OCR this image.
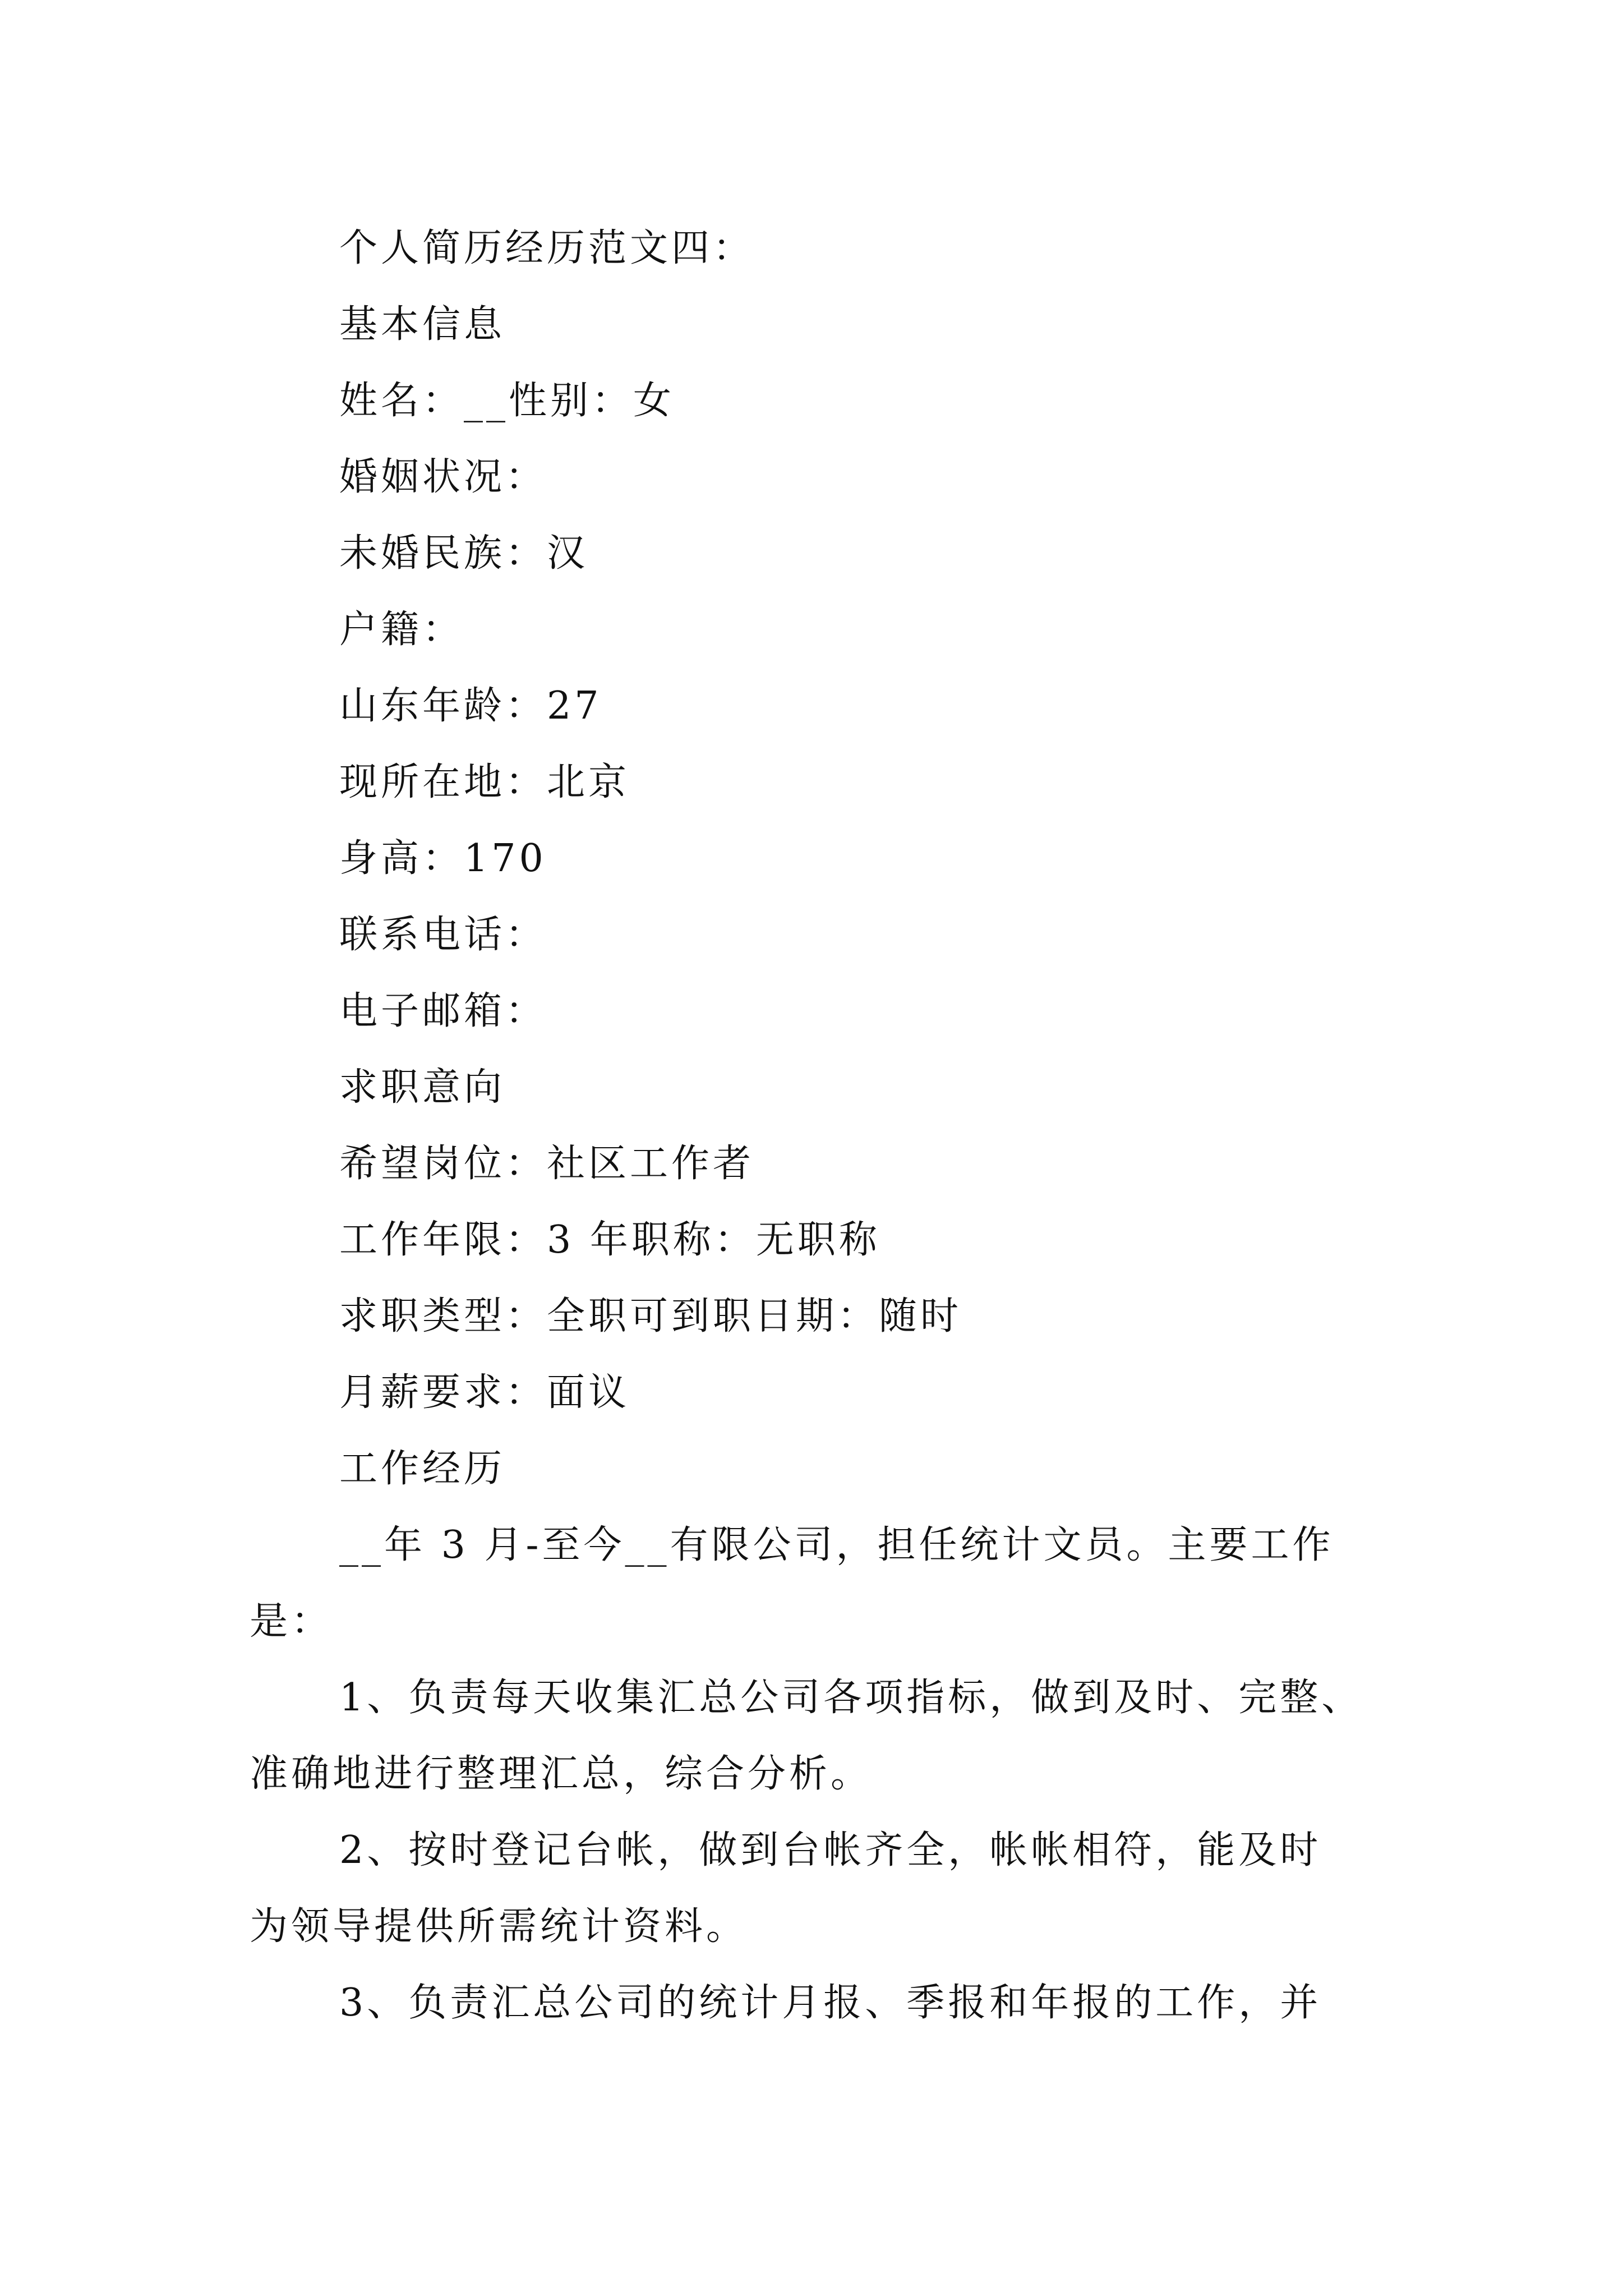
个人简历经历范文四：
基本信息
姓名：__性别：女
婚姻状况：
未婚民族：汉
户籍：
山东年龄：27
现所在地：北京
身高：170
联系电话：
电子邮箱：
求职意向
希望岗位：社区工作者
工作年限：3 年职称：无职称
求职类型：全职可到职日期：随时
月薪要求：面议
工作经历
__年 3 月-至今__有限公司，担任统计文员。主要工作
是：
1、负责每天收集汇总公司各项指标，做到及时、完整、
准确地进行整理汇总，综合分析。
2、按时登记台帐，做到台帐齐全，帐帐相符，能及时
为领导提供所需统计资料。
3、负责汇总公司的统计月报、季报和年报的工作，并
